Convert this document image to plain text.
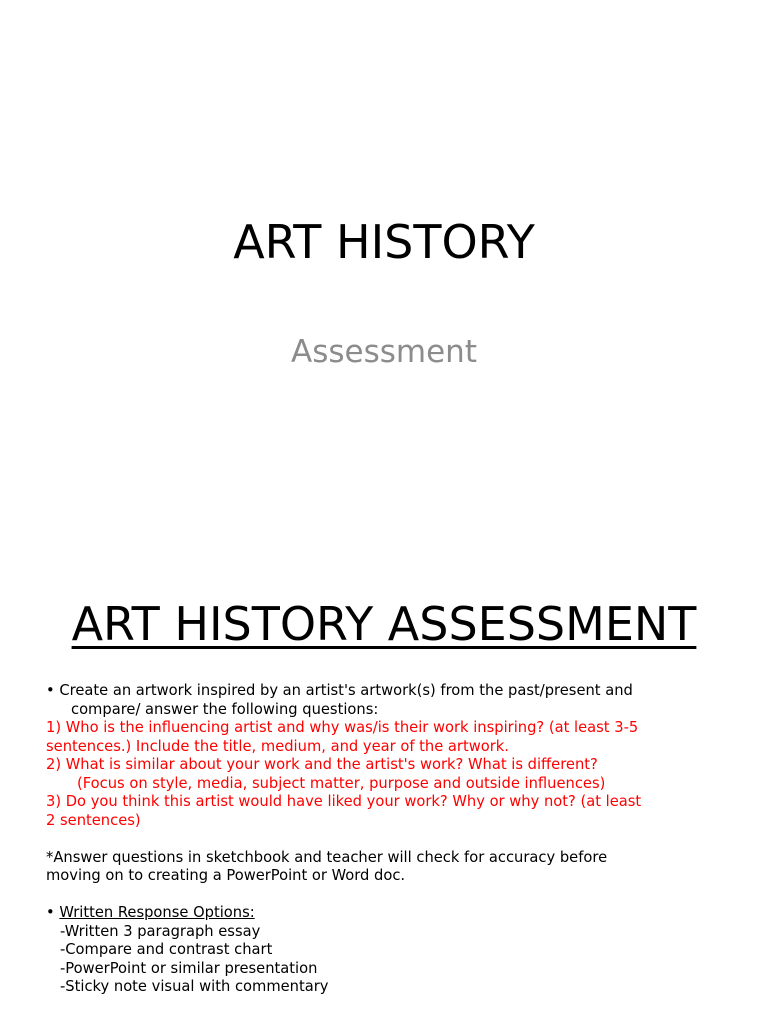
ART HISTORY
Assessment
ART HISTORY ASSESSMENT

• Create an artwork inspired by an artist's artwork(s) from the past/present and

compare/ answer the following questions:

1) Who is the influencing artist and why was/is their work inspiring? (at least 3-5

sentences.) Include the title, medium, and year of the artwork.

2) What is similar about your work and the artist's work? What is different?

(Focus on style, media, subject matter, purpose and outside influences)

3) Do you think this artist would have liked your work? Why or why not? (at least

2 sentences)

*Answer questions in sketchbook and teacher will check for accuracy before

moving on to creating a PowerPoint or Word doc.

• Written Response Options:

-Written 3 paragraph essay

-Compare and contrast chart

-PowerPoint or similar presentation

-Sticky note visual with commentary
